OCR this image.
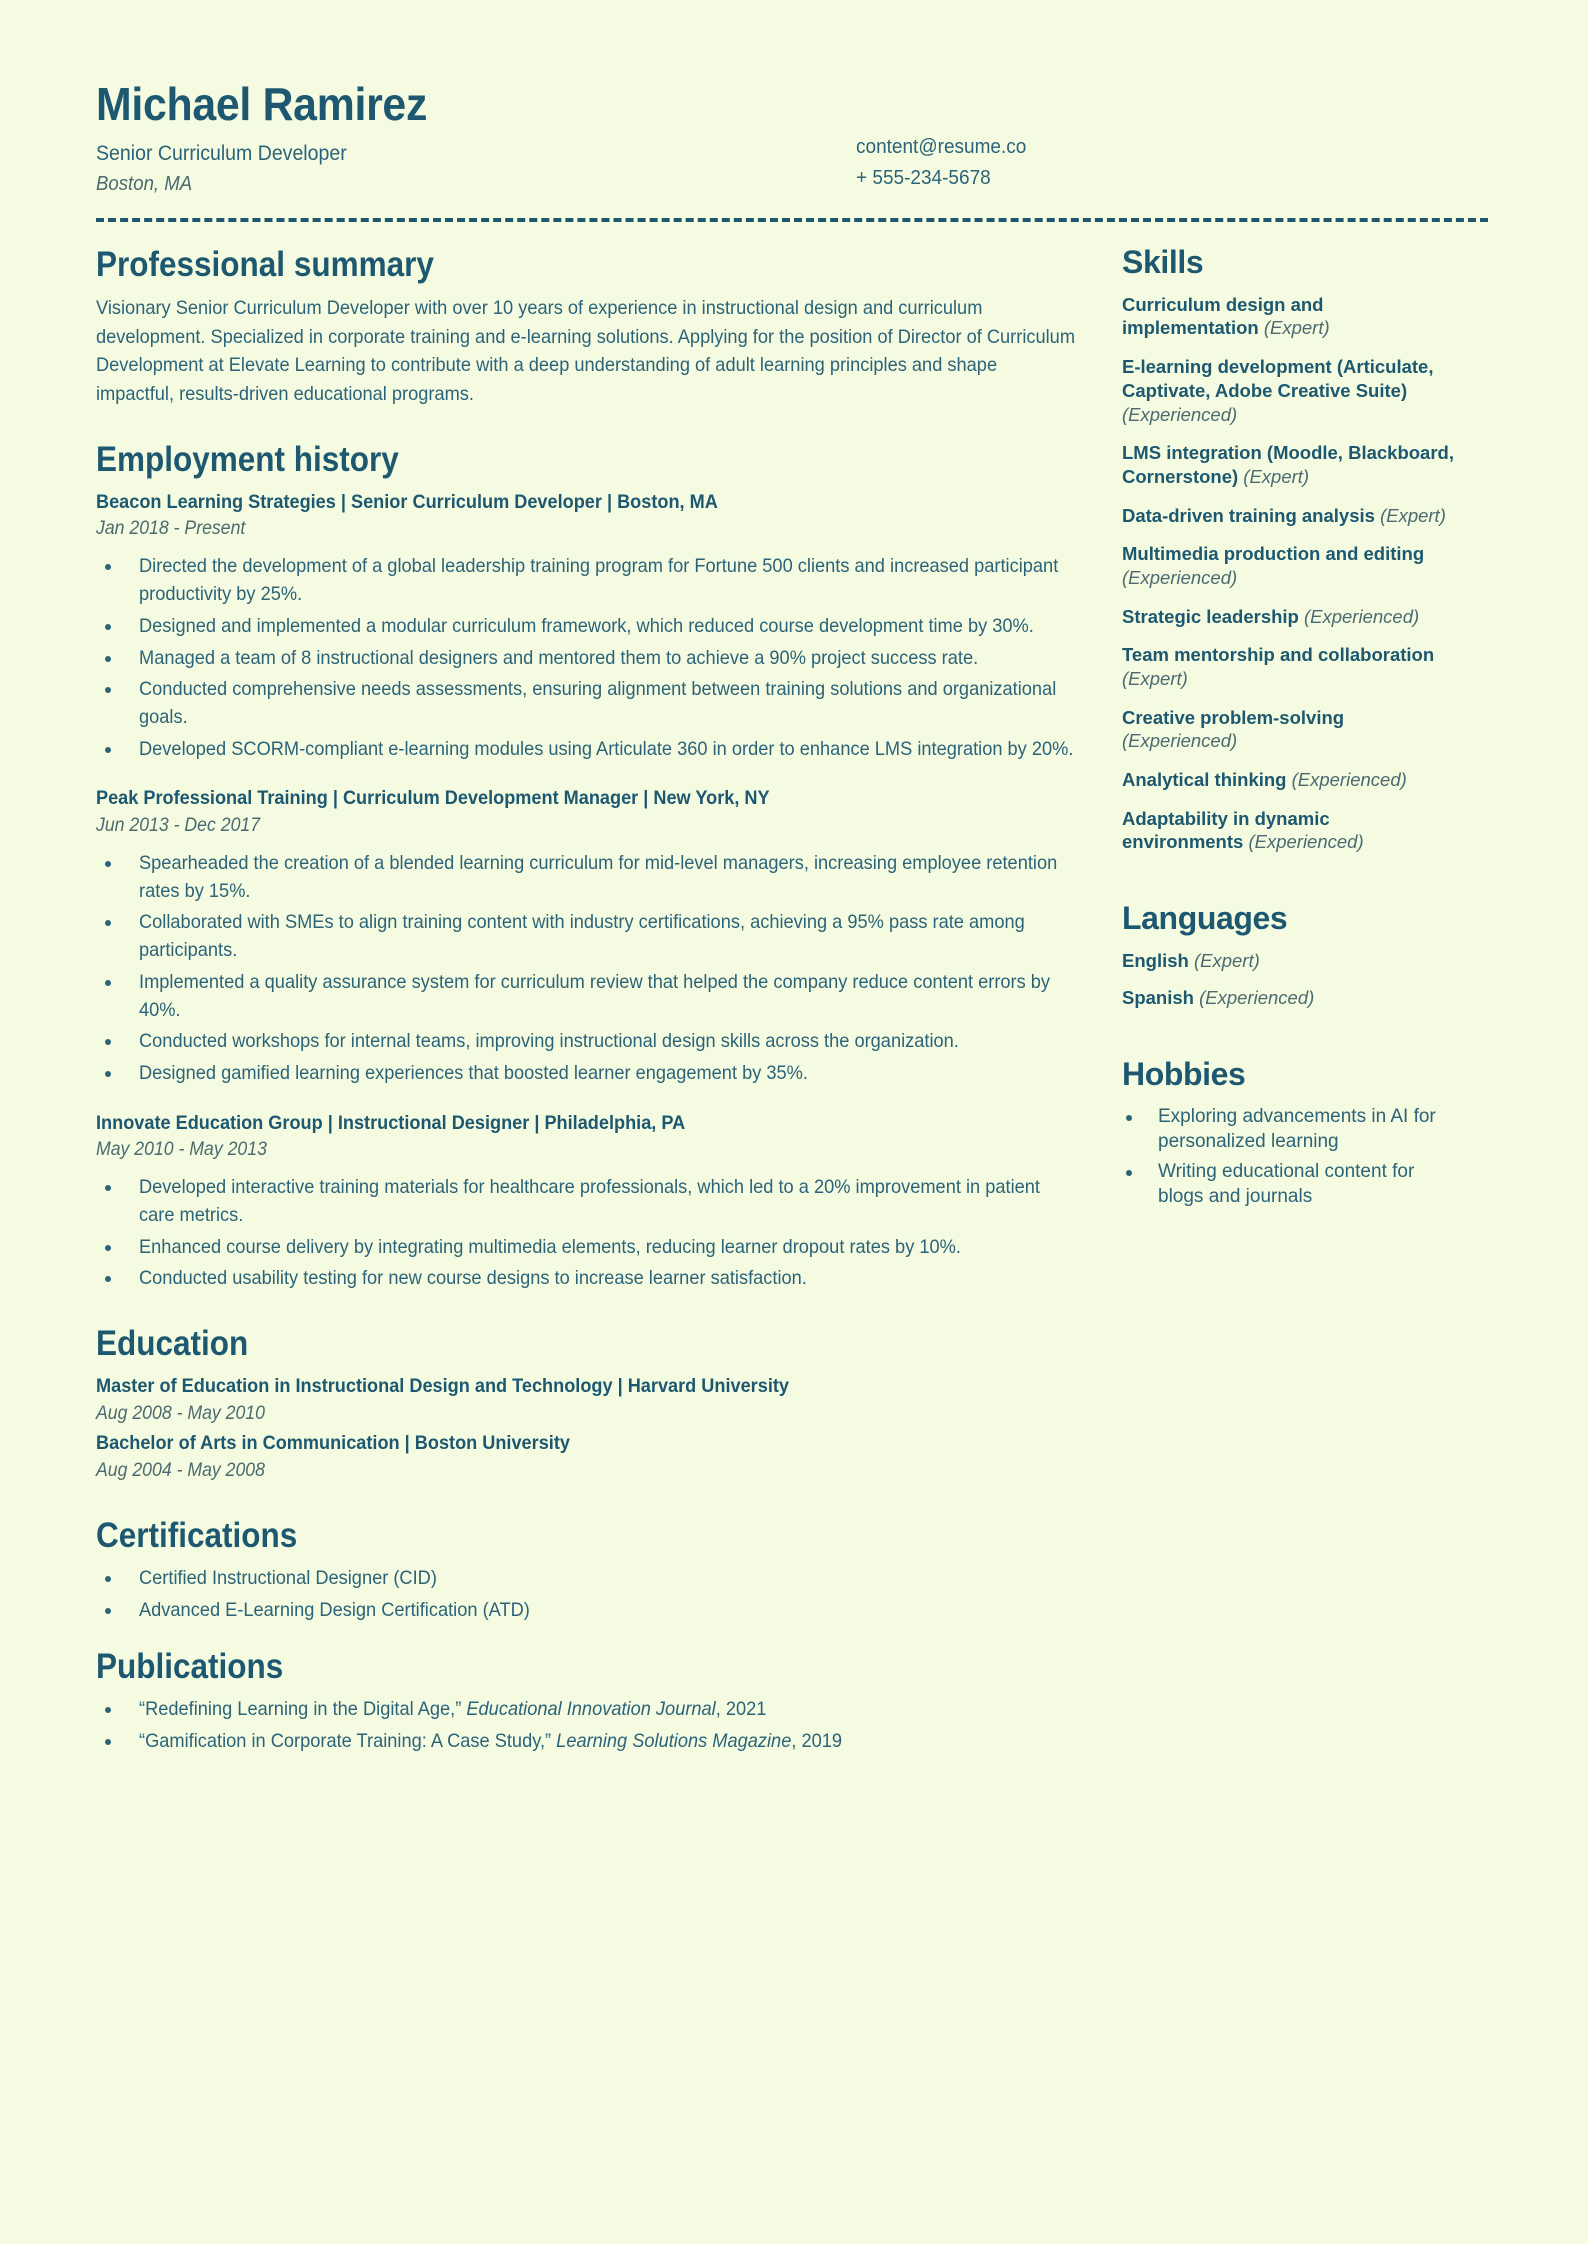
Michael Ramirez
Senior Curriculum Developer
Boston, MA
content@resume.co
+ 555-234-5678
Professional summary
Visionary Senior Curriculum Developer with over 10 years of experience in instructional design and curriculum development. Specialized in corporate training and e-learning solutions. Applying for the position of Director of Curriculum Development at Elevate Learning to contribute with a deep understanding of adult learning principles and shape impactful, results-driven educational programs.
Employment history
Beacon Learning Strategies | Senior Curriculum Developer | Boston, MA
Jan 2018 - Present
Directed the development of a global leadership training program for Fortune 500 clients and increased participant productivity by 25%.
Designed and implemented a modular curriculum framework, which reduced course development time by 30%.
Managed a team of 8 instructional designers and mentored them to achieve a 90% project success rate.
Conducted comprehensive needs assessments, ensuring alignment between training solutions and organizational goals.
Developed SCORM-compliant e-learning modules using Articulate 360 in order to enhance LMS integration by 20%.
Peak Professional Training | Curriculum Development Manager | New York, NY
Jun 2013 - Dec 2017
Spearheaded the creation of a blended learning curriculum for mid-level managers, increasing employee retention rates by 15%.
Collaborated with SMEs to align training content with industry certifications, achieving a 95% pass rate among participants.
Implemented a quality assurance system for curriculum review that helped the company reduce content errors by 40%.
Conducted workshops for internal teams, improving instructional design skills across the organization.
Designed gamified learning experiences that boosted learner engagement by 35%.
Innovate Education Group | Instructional Designer | Philadelphia, PA
May 2010 - May 2013
Developed interactive training materials for healthcare professionals, which led to a 20% improvement in patient care metrics.
Enhanced course delivery by integrating multimedia elements, reducing learner dropout rates by 10%.
Conducted usability testing for new course designs to increase learner satisfaction.
Education
Master of Education in Instructional Design and Technology | Harvard University
Aug 2008 - May 2010
Bachelor of Arts in Communication | Boston University
Aug 2004 - May 2008
Certifications
Certified Instructional Designer (CID)
Advanced E-Learning Design Certification (ATD)
Publications
“Redefining Learning in the Digital Age,” Educational Innovation Journal, 2021
“Gamification in Corporate Training: A Case Study,” Learning Solutions Magazine, 2019
Skills
Curriculum design and implementation (Expert)
E-learning development (Articulate, Captivate, Adobe Creative Suite) (Experienced)
LMS integration (Moodle, Blackboard, Cornerstone) (Expert)
Data-driven training analysis (Expert)
Multimedia production and editing (Experienced)
Strategic leadership (Experienced)
Team mentorship and collaboration (Expert)
Creative problem-solving (Experienced)
Analytical thinking (Experienced)
Adaptability in dynamic environments (Experienced)
Languages
English (Expert)
Spanish (Experienced)
Hobbies
Exploring advancements in AI for personalized learning
Writing educational content for blogs and journals
